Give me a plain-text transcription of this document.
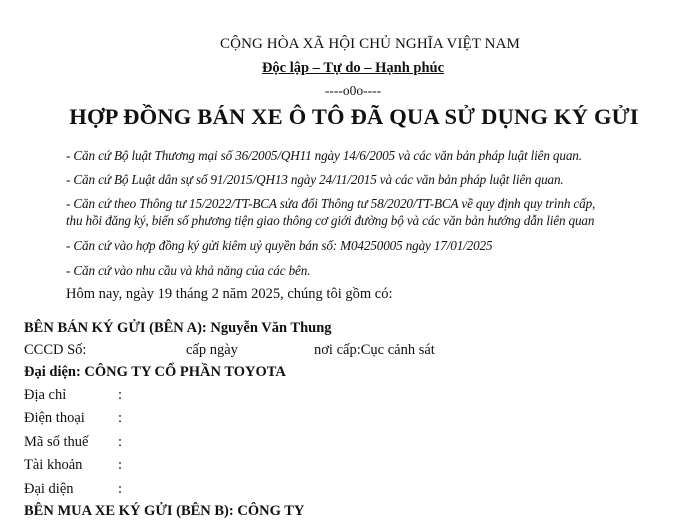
CỘNG HÒA XÃ HỘI CHỦ NGHĨA VIỆT NAM
Độc lập – Tự do – Hạnh phúc
----o0o----
HỢP ĐỒNG BÁN XE Ô TÔ ĐÃ QUA SỬ DỤNG KÝ GỬI
- Căn cứ Bộ luật Thương mại số 36/2005/QH11 ngày 14/6/2005 và các văn bản pháp luật liên quan.
- Căn cứ Bộ Luật dân sự số 91/2015/QH13 ngày 24/11/2015 và các văn bản pháp luật liên quan.
- Căn cứ theo Thông tư 15/2022/TT-BCA sửa đổi Thông tư 58/2020/TT-BCA về quy định quy trình cấp,
thu hồi đăng ký, biển số phương tiện giao thông cơ giới đường bộ và các văn bản hướng dẫn liên quan
- Căn cứ vào hợp đồng ký gửi kiêm uỷ quyền bán số: M04250005 ngày 17/01/2025
- Căn cứ vào nhu cầu và khả năng của các bên.
Hôm nay, ngày 19 tháng 2 năm 2025, chúng tôi gồm có:
BÊN BÁN KÝ GỬI (BÊN A): Nguyễn Văn Thung
CCCD Số:	cấp ngày	nơi cấp:Cục cảnh sát
Đại diện: CÔNG TY CỔ PHẦN TOYOTA
Địa chỉ	:
Điện thoại :
Mã số thuế :
Tài khoản :
Đại diện	:
BÊN MUA XE KÝ GỬI (BÊN B): CÔNG TY
